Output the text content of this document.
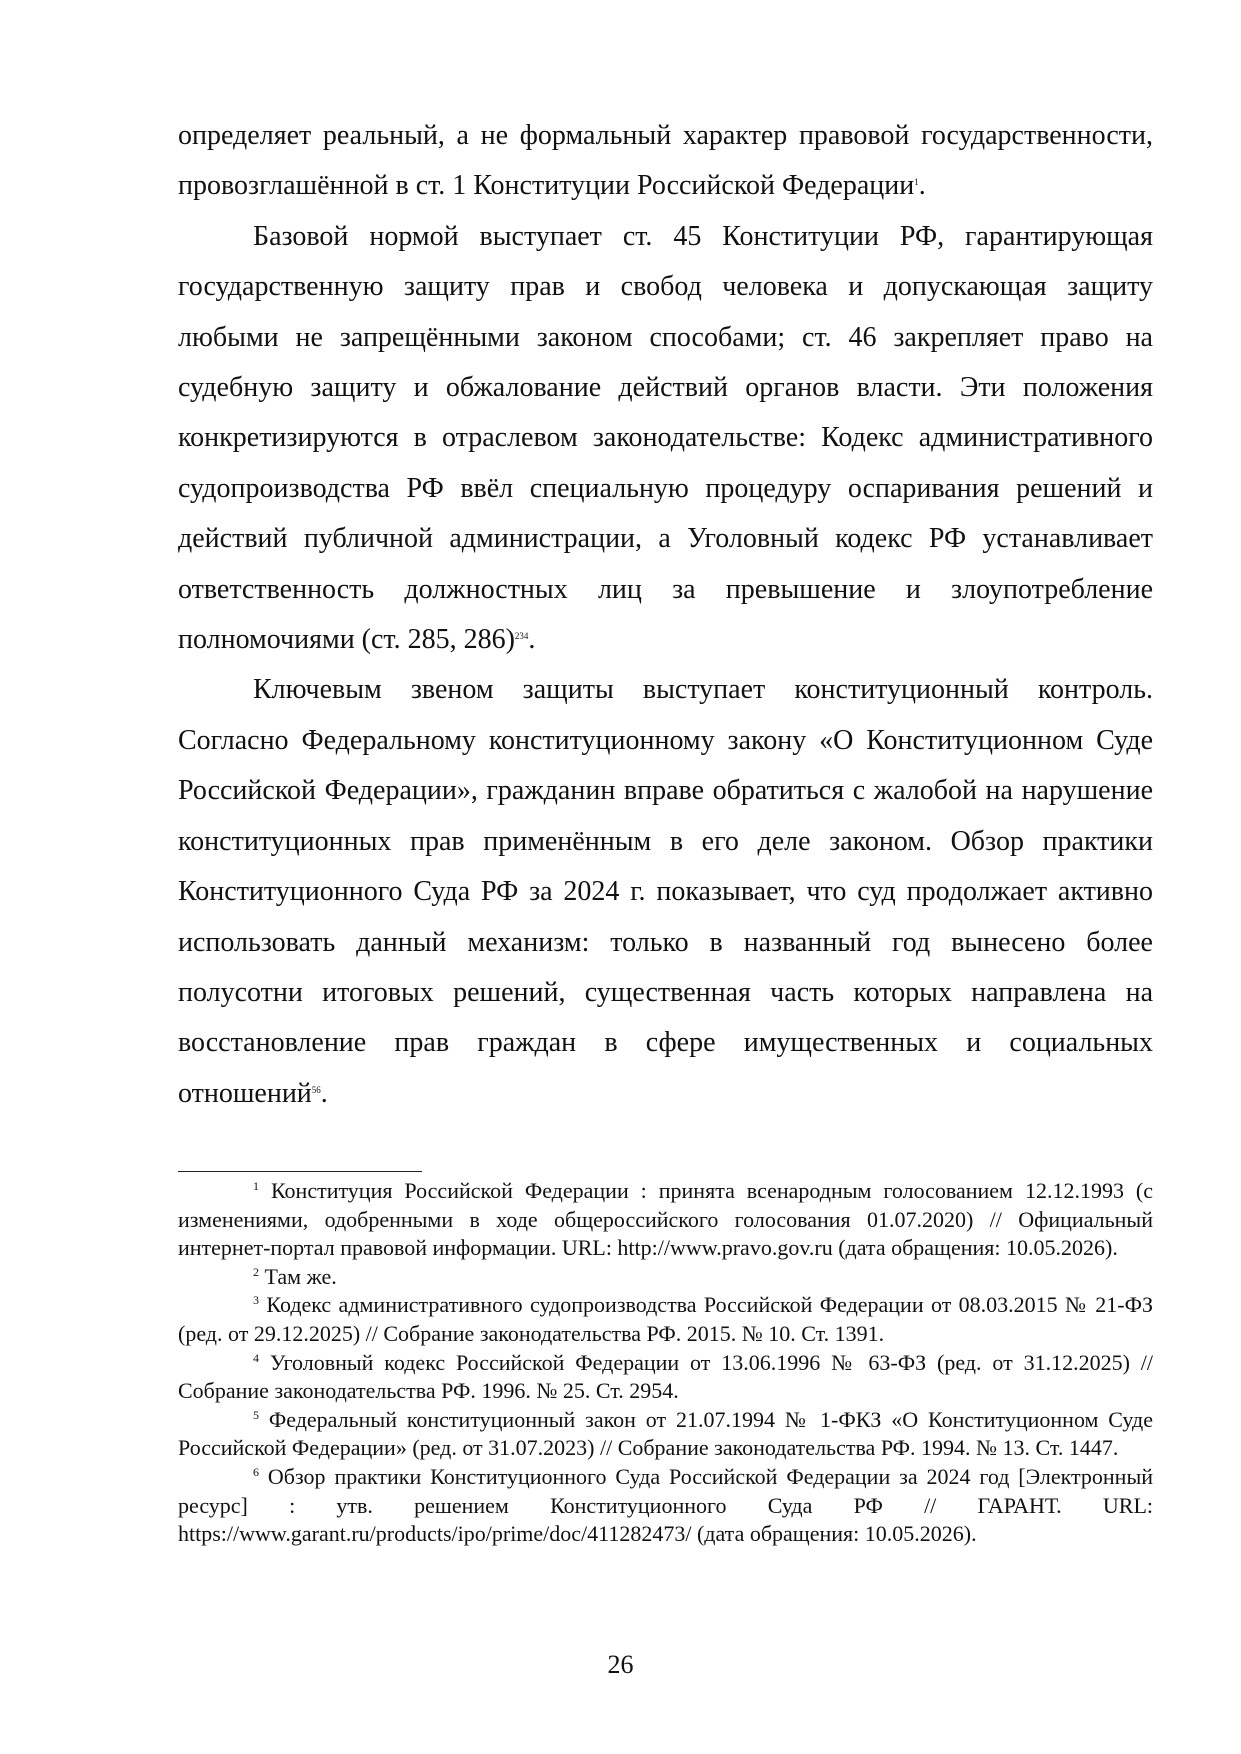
определяет реальный, а не формальный характер правовой государственности, провозглашённой в ст. 1 Конституции Российской Федерации$^1$.

Базовой нормой выступает ст. 45 Конституции РФ, гарантирующая государственную защиту прав и свобод человека и допускающая защиту любыми не запрещёнными законом способами; ст. 46 закрепляет право на судебную защиту и обжалование действий органов власти. Эти положения конкретизируются в отраслевом законодательстве: Кодекс административного судопроизводства РФ ввёл специальную процедуру оспаривания решений и действий публичной администрации, а Уголовный кодекс РФ устанавливает ответственность должностных лиц за превышение и злоупотребление полномочиями (ст. 285, 286)$^{234}$.

Ключевым звеном защиты выступает конституционный контроль. Согласно Федеральному конституционному закону «О Конституционном Суде Российской Федерации», гражданин вправе обратиться с жалобой на нарушение конституционных прав применённым в его деле законом. Обзор практики Конституционного Суда РФ за 2024 г. показывает, что суд продолжает активно использовать данный механизм: только в названный год вынесено более полусотни итоговых решений, существенная часть которых направлена на восстановление прав граждан в сфере имущественных и социальных отношений$^{56}$.

$^1$ Конституция Российской Федерации : принята всенародным голосованием 12.12.1993 (с изменениями, одобренными в ходе общероссийского голосования 01.07.2020) // Официальный интернет-портал правовой информации. URL: http://www.pravo.gov.ru (дата обращения: 10.05.2026).

$^2$ Там же.

$^3$ Кодекс административного судопроизводства Российской Федерации от 08.03.2015 № 21-ФЗ (ред. от 29.12.2025) // Собрание законодательства РФ. 2015. № 10. Ст. 1391.

$^4$ Уголовный кодекс Российской Федерации от 13.06.1996 № 63-ФЗ (ред. от 31.12.2025) // Собрание законодательства РФ. 1996. № 25. Ст. 2954.

$^5$ Федеральный конституционный закон от 21.07.1994 № 1-ФКЗ «О Конституционном Суде Российской Федерации» (ред. от 31.07.2023) // Собрание законодательства РФ. 1994. № 13. Ст. 1447.

$^6$ Обзор практики Конституционного Суда Российской Федерации за 2024 год [Электронный ресурс] : утв. решением Конституционного Суда РФ // ГАРАНТ. URL: https://www.garant.ru/products/ipo/prime/doc/411282473/ (дата обращения: 10.05.2026).

26
